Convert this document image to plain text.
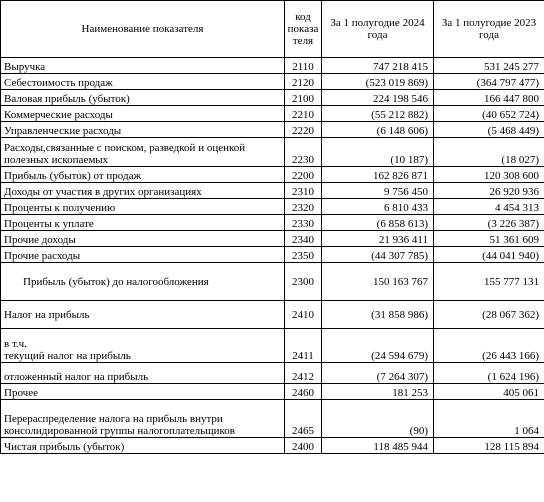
Наименование показателя	код показа теля	За 1 полугодие 2024 года	За 1 полугодие 2023 года
Выручка	2110	747 218 415	531 245 277
Себестоимость продаж	2120	(523 019 869)	(364 797 477)
Валовая прибыль (убыток)	2100	224 198 546	166 447 800
Коммерческие расходы	2210	(55 212 882)	(40 652 724)
Управленческие расходы	2220	(6 148 606)	(5 468 449)
Расходы,связанные с поиском, разведкой и оценкой полезных ископаемых	2230	(10 187)	(18 027)
Прибыль (убыток) от продаж	2200	162 826 871	120 308 600
Доходы от участия в других организациях	2310	9 756 450	26 920 936
Проценты к получению	2320	6 810 433	4 454 313
Проценты к уплате	2330	(6 858 613)	(3 226 387)
Прочие доходы	2340	21 936 411	51 361 609
Прочие расходы	2350	(44 307 785)	(44 041 940)
Прибыль (убыток) до налогообложения	2300	150 163 767	155 777 131
Налог на прибыль	2410	(31 858 986)	(28 067 362)
в т.ч.
текущий налог на прибыль	2411	(24 594 679)	(26 443 166)
отложенный налог на прибыль	2412	(7 264 307)	(1 624 196)
Прочее	2460	181 253	405 061
Перераспределение налога на прибыль внутри консолидированной группы налогоплательщиков	2465	(90)	1 064
Чистая прибыль (убыток)	2400	118 485 944	128 115 894
